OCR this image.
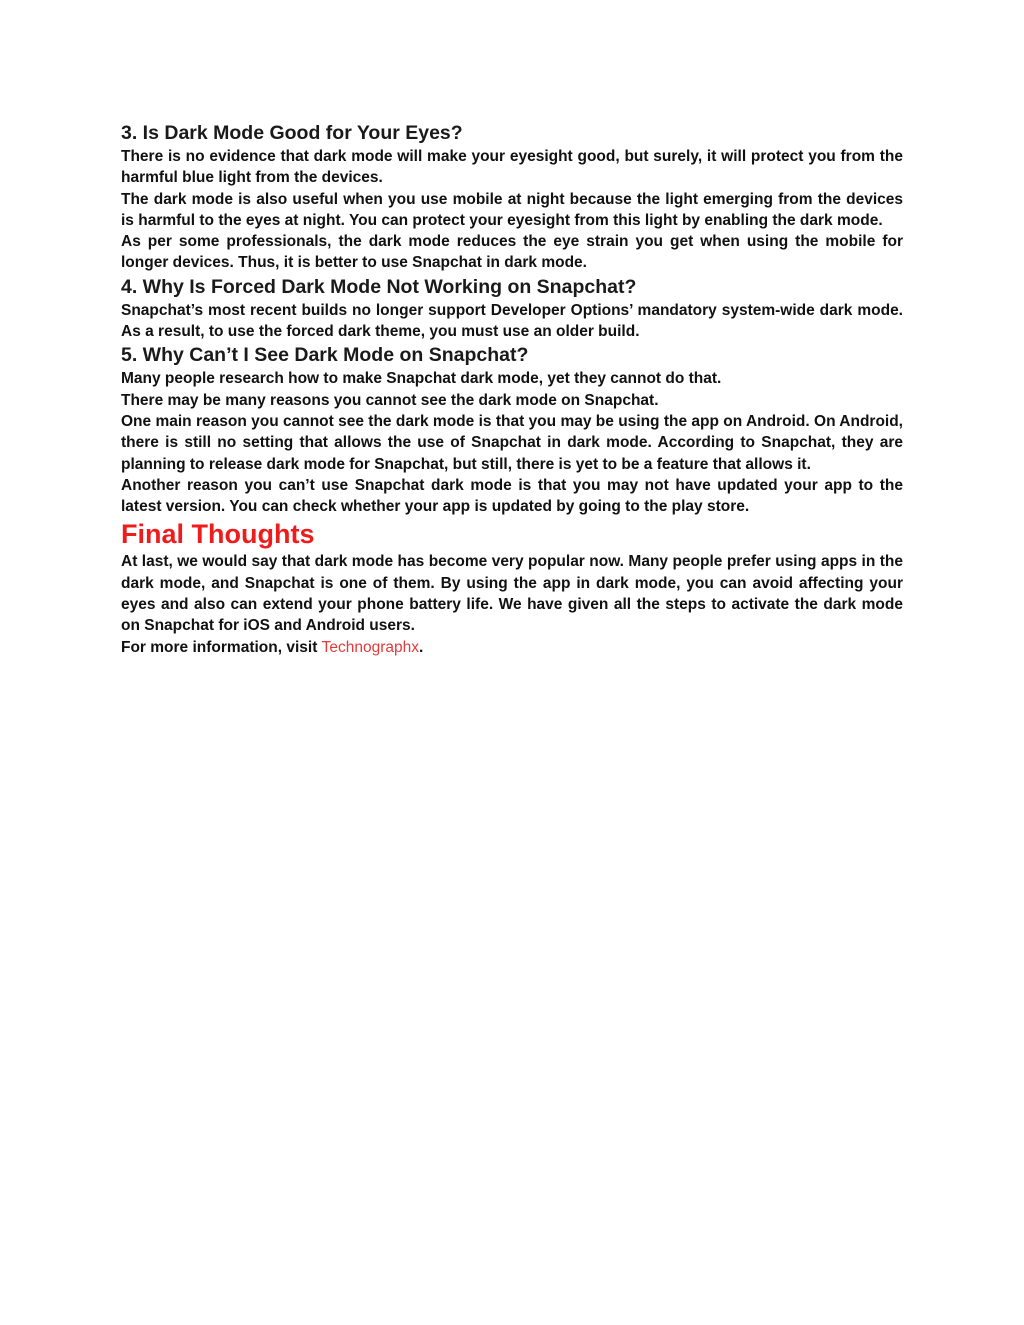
3. Is Dark Mode Good for Your Eyes?

There is no evidence that dark mode will make your eyesight good, but surely, it will protect you from the harmful blue light from the devices.

The dark mode is also useful when you use mobile at night because the light emerging from the devices is harmful to the eyes at night. You can protect your eyesight from this light by enabling the dark mode.

As per some professionals, the dark mode reduces the eye strain you get when using the mobile for longer devices. Thus, it is better to use Snapchat in dark mode.

4. Why Is Forced Dark Mode Not Working on Snapchat?

Snapchat’s most recent builds no longer support Developer Options’ mandatory system-wide dark mode. As a result, to use the forced dark theme, you must use an older build.

5. Why Can’t I See Dark Mode on Snapchat?

Many people research how to make Snapchat dark mode, yet they cannot do that.

There may be many reasons you cannot see the dark mode on Snapchat.

One main reason you cannot see the dark mode is that you may be using the app on Android. On Android, there is still no setting that allows the use of Snapchat in dark mode. According to Snapchat, they are planning to release dark mode for Snapchat, but still, there is yet to be a feature that allows it.

Another reason you can’t use Snapchat dark mode is that you may not have updated your app to the latest version. You can check whether your app is updated by going to the play store.

Final Thoughts

At last, we would say that dark mode has become very popular now. Many people prefer using apps in the dark mode, and Snapchat is one of them. By using the app in dark mode, you can avoid affecting your eyes and also can extend your phone battery life. We have given all the steps to activate the dark mode on Snapchat for iOS and Android users.

For more information, visit Technographx.
